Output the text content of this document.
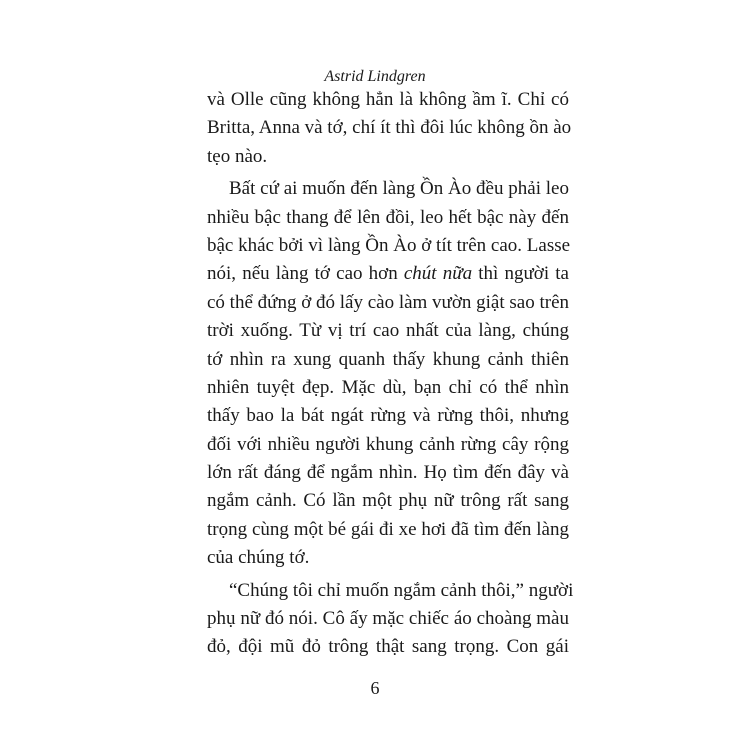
Astrid Lindgren
và Olle cũng không hẳn là không ầm ĩ. Chỉ có
Britta, Anna và tớ, chí ít thì đôi lúc không ồn ào
tẹo nào.
Bất cứ ai muốn đến làng Ồn Ào đều phải leo
nhiều bậc thang để lên đồi, leo hết bậc này đến
bậc khác bởi vì làng Ồn Ào ở tít trên cao. Lasse
nói, nếu làng tớ cao hơn chút nữa thì người ta
có thể đứng ở đó lấy cào làm vườn giật sao trên
trời xuống. Từ vị trí cao nhất của làng, chúng
tớ nhìn ra xung quanh thấy khung cảnh thiên
nhiên tuyệt đẹp. Mặc dù, bạn chỉ có thể nhìn
thấy bao la bát ngát rừng và rừng thôi, nhưng
đối với nhiều người khung cảnh rừng cây rộng
lớn rất đáng để ngắm nhìn. Họ tìm đến đây và
ngắm cảnh. Có lần một phụ nữ trông rất sang
trọng cùng một bé gái đi xe hơi đã tìm đến làng
của chúng tớ.
“Chúng tôi chỉ muốn ngắm cảnh thôi,” người
phụ nữ đó nói. Cô ấy mặc chiếc áo choàng màu
đỏ, đội mũ đỏ trông thật sang trọng. Con gái
6
